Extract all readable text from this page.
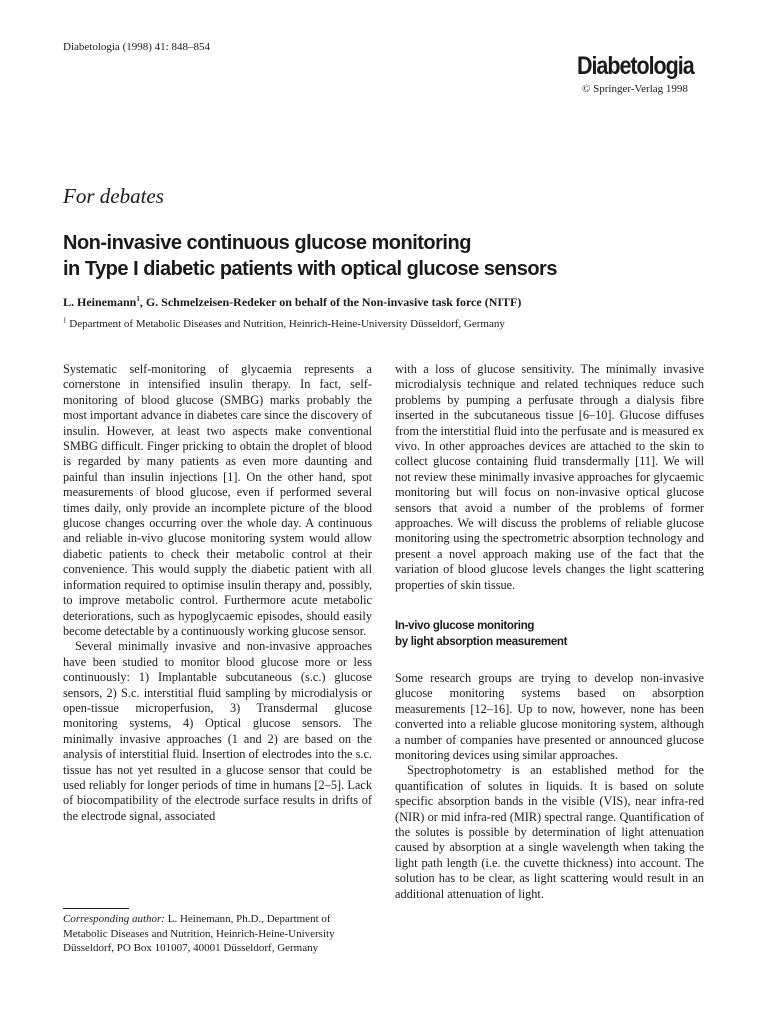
Diabetologia (1998) 41: 848–854
Diabetologia
© Springer-Verlag 1998
For debates
Non-invasive continuous glucose monitoring
in Type I diabetic patients with optical glucose sensors
L. Heinemann$^1$, G. Schmelzeisen-Redeker on behalf of the Non-invasive task force (NITF)
$^1$ Department of Metabolic Diseases and Nutrition, Heinrich-Heine-University Düsseldorf, Germany

Systematic self-monitoring of glycaemia represents a cornerstone in intensified insulin therapy. In fact, self-monitoring of blood glucose (SMBG) marks probably the most important advance in diabetes care since the discovery of insulin. However, at least two aspects make conventional SMBG difficult. Finger pricking to obtain the droplet of blood is regarded by many patients as even more daunting and painful than insulin injections [1]. On the other hand, spot measurements of blood glucose, even if performed several times daily, only provide an incomplete picture of the blood glucose changes occurring over the whole day. A continuous and reliable in-vivo glucose monitoring system would allow diabetic patients to check their metabolic control at their convenience. This would supply the diabetic patient with all information required to optimise insulin therapy and, possibly, to improve metabolic control. Furthermore acute metabolic deteriorations, such as hypoglycaemic episodes, should easily become detectable by a continuously working glucose sensor.

Several minimally invasive and non-invasive approaches have been studied to monitor blood glucose more or less continuously: 1) Implantable subcutaneous (s.c.) glucose sensors, 2) S.c. interstitial fluid sampling by microdialysis or open-tissue microperfusion, 3) Transdermal glucose monitoring systems, 4) Optical glucose sensors. The minimally invasive approaches (1 and 2) are based on the analysis of interstitial fluid. Insertion of electrodes into the s.c. tissue has not yet resulted in a glucose sensor that could be used reliably for longer periods of time in humans [2–5]. Lack of biocompatibility of the electrode surface results in drifts of the electrode signal, associated

with a loss of glucose sensitivity. The minimally invasive microdialysis technique and related techniques reduce such problems by pumping a perfusate through a dialysis fibre inserted in the subcutaneous tissue [6–10]. Glucose diffuses from the interstitial fluid into the perfusate and is measured ex vivo. In other approaches devices are attached to the skin to collect glucose containing fluid transdermally [11]. We will not review these minimally invasive approaches for glycaemic monitoring but will focus on non-invasive optical glucose sensors that avoid a number of the problems of former approaches. We will discuss the problems of reliable glucose monitoring using the spectrometric absorption technology and present a novel approach making use of the fact that the variation of blood glucose levels changes the light scattering properties of skin tissue.

In-vivo glucose monitoring
by light absorption measurement

Some research groups are trying to develop non-invasive glucose monitoring systems based on absorption measurements [12–16]. Up to now, however, none has been converted into a reliable glucose monitoring system, although a number of companies have presented or announced glucose monitoring devices using similar approaches.

Spectrophotometry is an established method for the quantification of solutes in liquids. It is based on solute specific absorption bands in the visible (VIS), near infra-red (NIR) or mid infra-red (MIR) spectral range. Quantification of the solutes is possible by determination of light attenuation caused by absorption at a single wavelength when taking the light path length (i.e. the cuvette thickness) into account. The solution has to be clear, as light scattering would result in an additional attenuation of light.

Corresponding author: L. Heinemann, Ph.D., Department of Metabolic Diseases and Nutrition, Heinrich-Heine-University Düsseldorf, PO Box 101007, 40001 Düsseldorf, Germany
